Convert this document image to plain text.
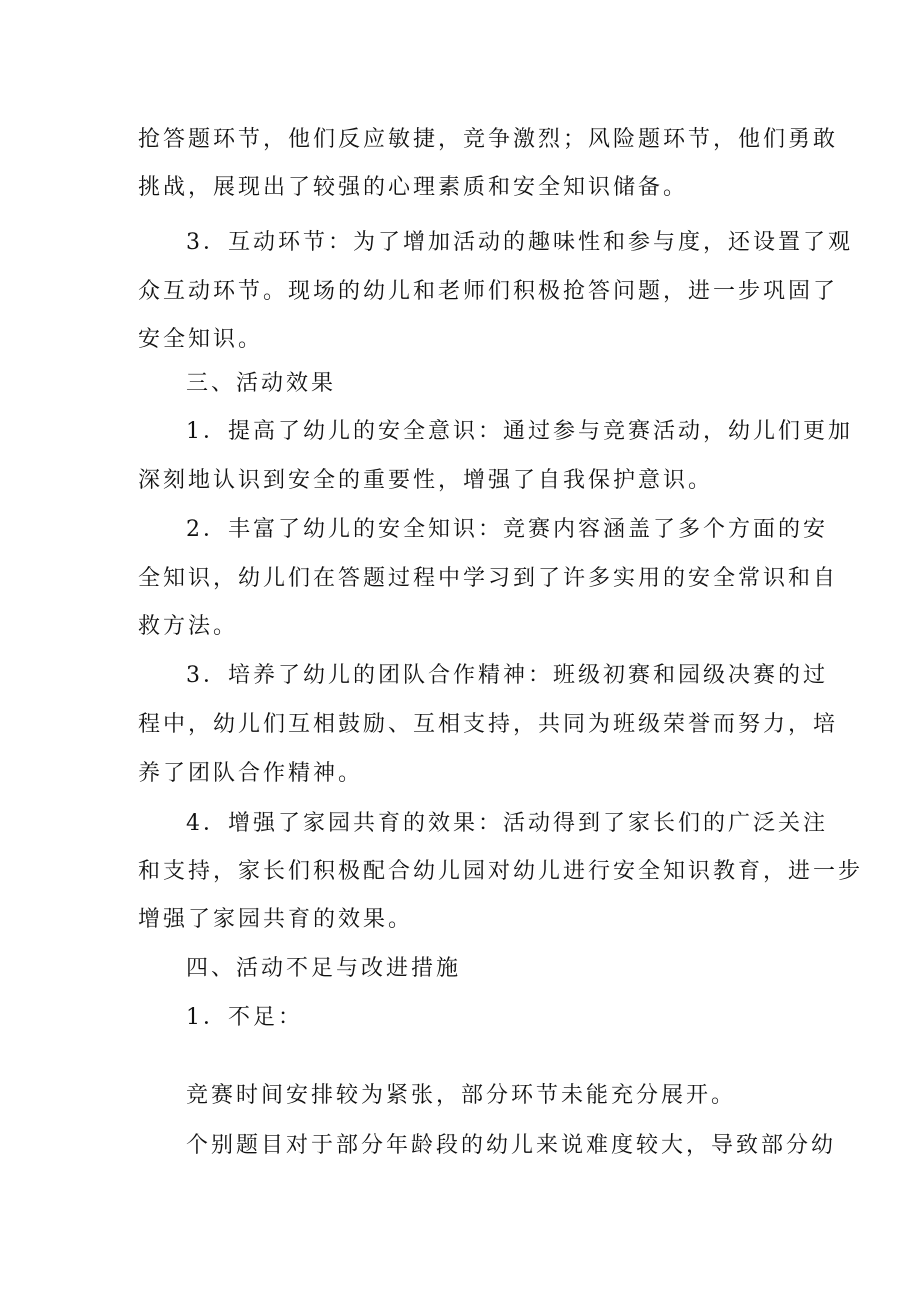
抢答题环节，他们反应敏捷，竞争激烈；风险题环节，他们勇敢
挑战，展现出了较强的心理素质和安全知识储备。
3．互动环节：为了增加活动的趣味性和参与度，还设置了观
众互动环节。现场的幼儿和老师们积极抢答问题，进一步巩固了
安全知识。
三、活动效果
1．提高了幼儿的安全意识：通过参与竞赛活动，幼儿们更加
深刻地认识到安全的重要性，增强了自我保护意识。
2．丰富了幼儿的安全知识：竞赛内容涵盖了多个方面的安
全知识，幼儿们在答题过程中学习到了许多实用的安全常识和自
救方法。
3．培养了幼儿的团队合作精神：班级初赛和园级决赛的过
程中，幼儿们互相鼓励、互相支持，共同为班级荣誉而努力，培
养了团队合作精神。
4．增强了家园共育的效果：活动得到了家长们的广泛关注
和支持，家长们积极配合幼儿园对幼儿进行安全知识教育，进一步
增强了家园共育的效果。
四、活动不足与改进措施
1．不足：
竞赛时间安排较为紧张，部分环节未能充分展开。
个别题目对于部分年龄段的幼儿来说难度较大，导致部分幼
